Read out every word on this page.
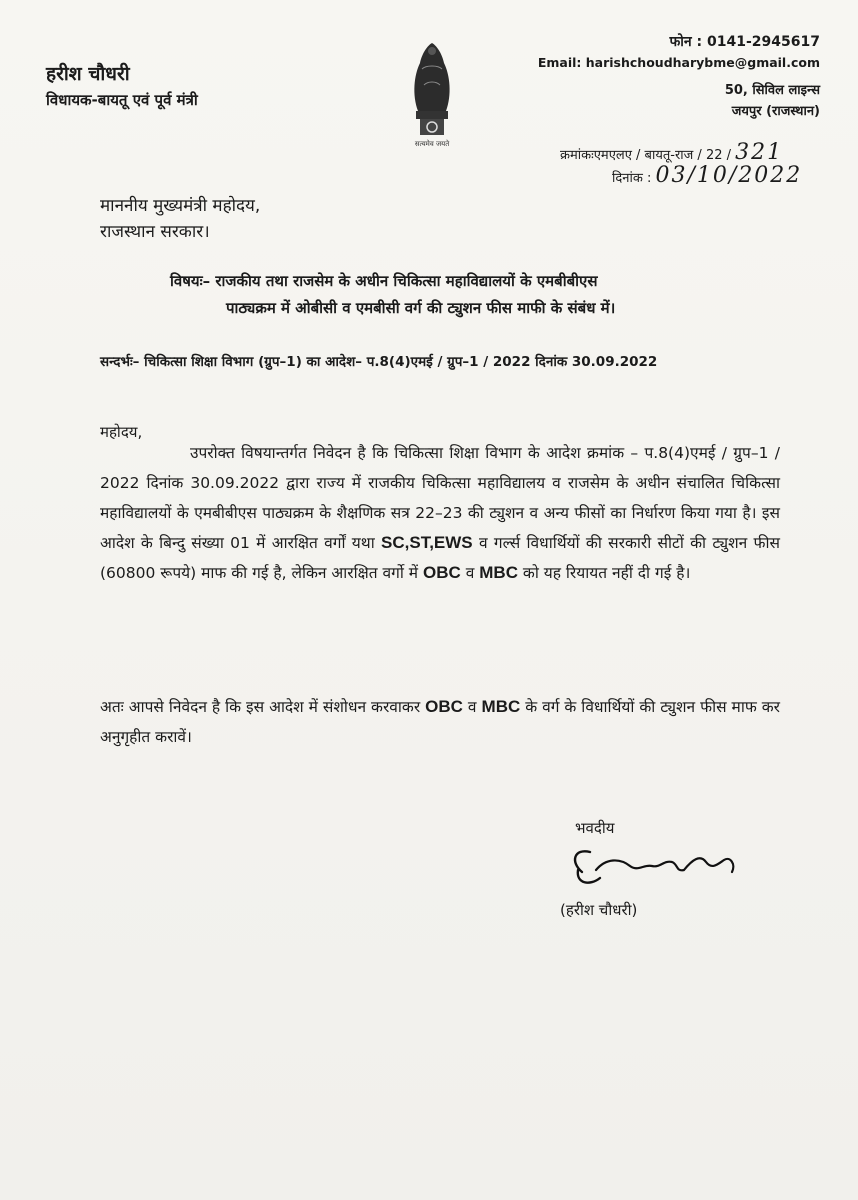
हरीश चौधरी
विधायक-बायतू एवं पूर्व मंत्री
सत्यमेव जयते
फोन : 0141-2945617
Email: harishchoudharybme@gmail.com
50, सिविल लाइन्स
जयपुर (राजस्थान)
क्रमांकःएमएलए / बायतू-राज / 22 / 321
दिनांक : 03/10/2022
माननीय मुख्यमंत्री महोदय,
राजस्थान सरकार।
विषयः– राजकीय तथा राजसेम के अधीन चिकित्सा महाविद्यालयों के एमबीबीएस
पाठ्यक्रम में ओबीसी व एमबीसी वर्ग की ट्युशन फीस माफी के संबंध में।
सन्दर्भः– चिकित्सा शिक्षा विभाग (ग्रुप–1) का आदेश– प.8(4)एमई / ग्रुप–1 / 2022 दिनांक 30.09.2022
महोदय,
उपरोक्त विषयान्तर्गत निवेदन है कि चिकित्सा शिक्षा विभाग के आदेश क्रमांक – प.8(4)एमई / ग्रुप–1 / 2022 दिनांक 30.09.2022 द्वारा राज्य में राजकीय चिकित्सा महाविद्यालय व राजसेम के अधीन संचालित चिकित्सा महाविद्यालयों के एमबीबीएस पाठ्यक्रम के शैक्षणिक सत्र 22–23 की ट्युशन व अन्य फीसों का निर्धारण किया गया है। इस आदेश के बिन्दु संख्या 01 में आरक्षित वर्गों यथा SC,ST,EWS व गर्ल्स विधार्थियों की सरकारी सीटों की ट्युशन फीस (60800 रूपये) माफ की गई है, लेकिन आरक्षित वर्गो में OBC व MBC को यह रियायत नहीं दी गई है।
अतः आपसे निवेदन है कि इस आदेश में संशोधन करवाकर OBC व MBC के वर्ग के विधार्थियों की ट्युशन फीस माफ कर अनुगृहीत करावें।
भवदीय
(हरीश चौधरी)
